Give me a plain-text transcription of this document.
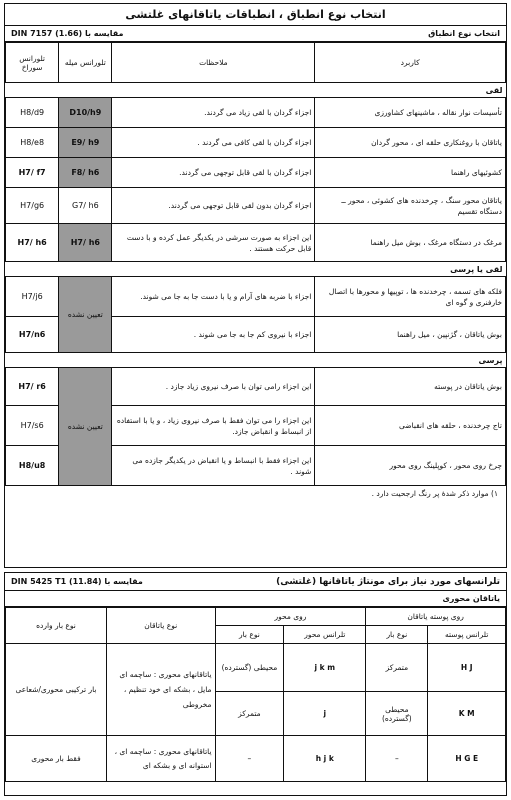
انتخاب نوع انطباق ، انطباقات یاتاقانهای غلتشی
انتخاب نوع انطباق
DIN 7157 (1.66) مقایسه با
کاربرد	ملاحظات	تلورانس میله	تلورانس سوراخ
لقی			
تأسیسات نوار نقاله ، ماشینهای کشاورزی	اجزاء گردان با لقی زیاد می گردند.	D10/h9	H8/d9
یاتاقان با روغنکاری حلقه ای ، محور گردان	اجزاء گردان با لقی کافی می گردند .	E9/ h9	H8/e8
کشوئیهای راهنما	اجزاء گردان با لقی قابل توجهی می گردند.	F8/ h6	H7/ f7
یاتاقان محور سنگ ، چرخدنده های کشوئی ، محور ــ دستگاه تقسیم	اجزاء گردان بدون لقی قابل توجهی می گردند.	G7/ h6	H7/g6
مرغک در دستگاه مرغک ، بوش میل راهنما	این اجزاء به صورت سرشی در یکدیگر عمل کرده و با دست قابل حرکت هستند .	H7/ h6	H7/ h6
لقی یا پرسی			
فلکه های تسمه ، چرخدنده ها ، توپیها و محورها با اتصال خارفنری و گوه ای	اجزاء با ضربه های آرام و یا با دست جا به جا می شوند.	تعیین نشده	H7/j6
بوش یاتاقان ، گژنپین ، میل راهنما	اجزاء با نیروی کم جا به جا می شوند .		H7/n6
پرسی			
بوش یاتاقان در پوسته	این اجزاء رامی توان با صرف نیروی زیاد جازد .	تعیین نشده	H7/ r6
تاج چرخدنده ، حلقه های انقباضی	این اجزاء را می توان فقط با صرف نیروی زیاد ، و یا با استفاده از انبساط و انقباض جازد.		H7/s6
چرخ روی محور ، کوپلینگ روی محور	این اجزاء فقط با انبساط و یا انقباض در یکدیگر جازده می شوند .		H8/u8
۱) موارد ذکر شدهٔ پر رنگ ارجحیت دارد .
تلرانسهای مورد نیاز برای مونتاژ یاتاقانها (غلتشی)
DIN 5425 T1 (11.84) مقایسه با
یاتاقان محوری
روی پوسته یاتاقان		روی محور		نوع یاتاقان	نوع بار وارده
تلرانس پوسته	نوع بار	تلرانس محور	نوع بار		
H J	متمرکز	j k m	محیطی (گسترده)	یاتاقانهای محوری : ساچمه ای مایل ، بشکه ای خود تنظیم ، مخروطی	بار ترکیبی محوری/شعاعی
K M	محیطی (گسترده)	j	متمرکز		
H G E	–	h j k	–	یاتاقانهای محوری : ساچمه ای ، استوانه ای و بشکه ای	فقط بار محوری
